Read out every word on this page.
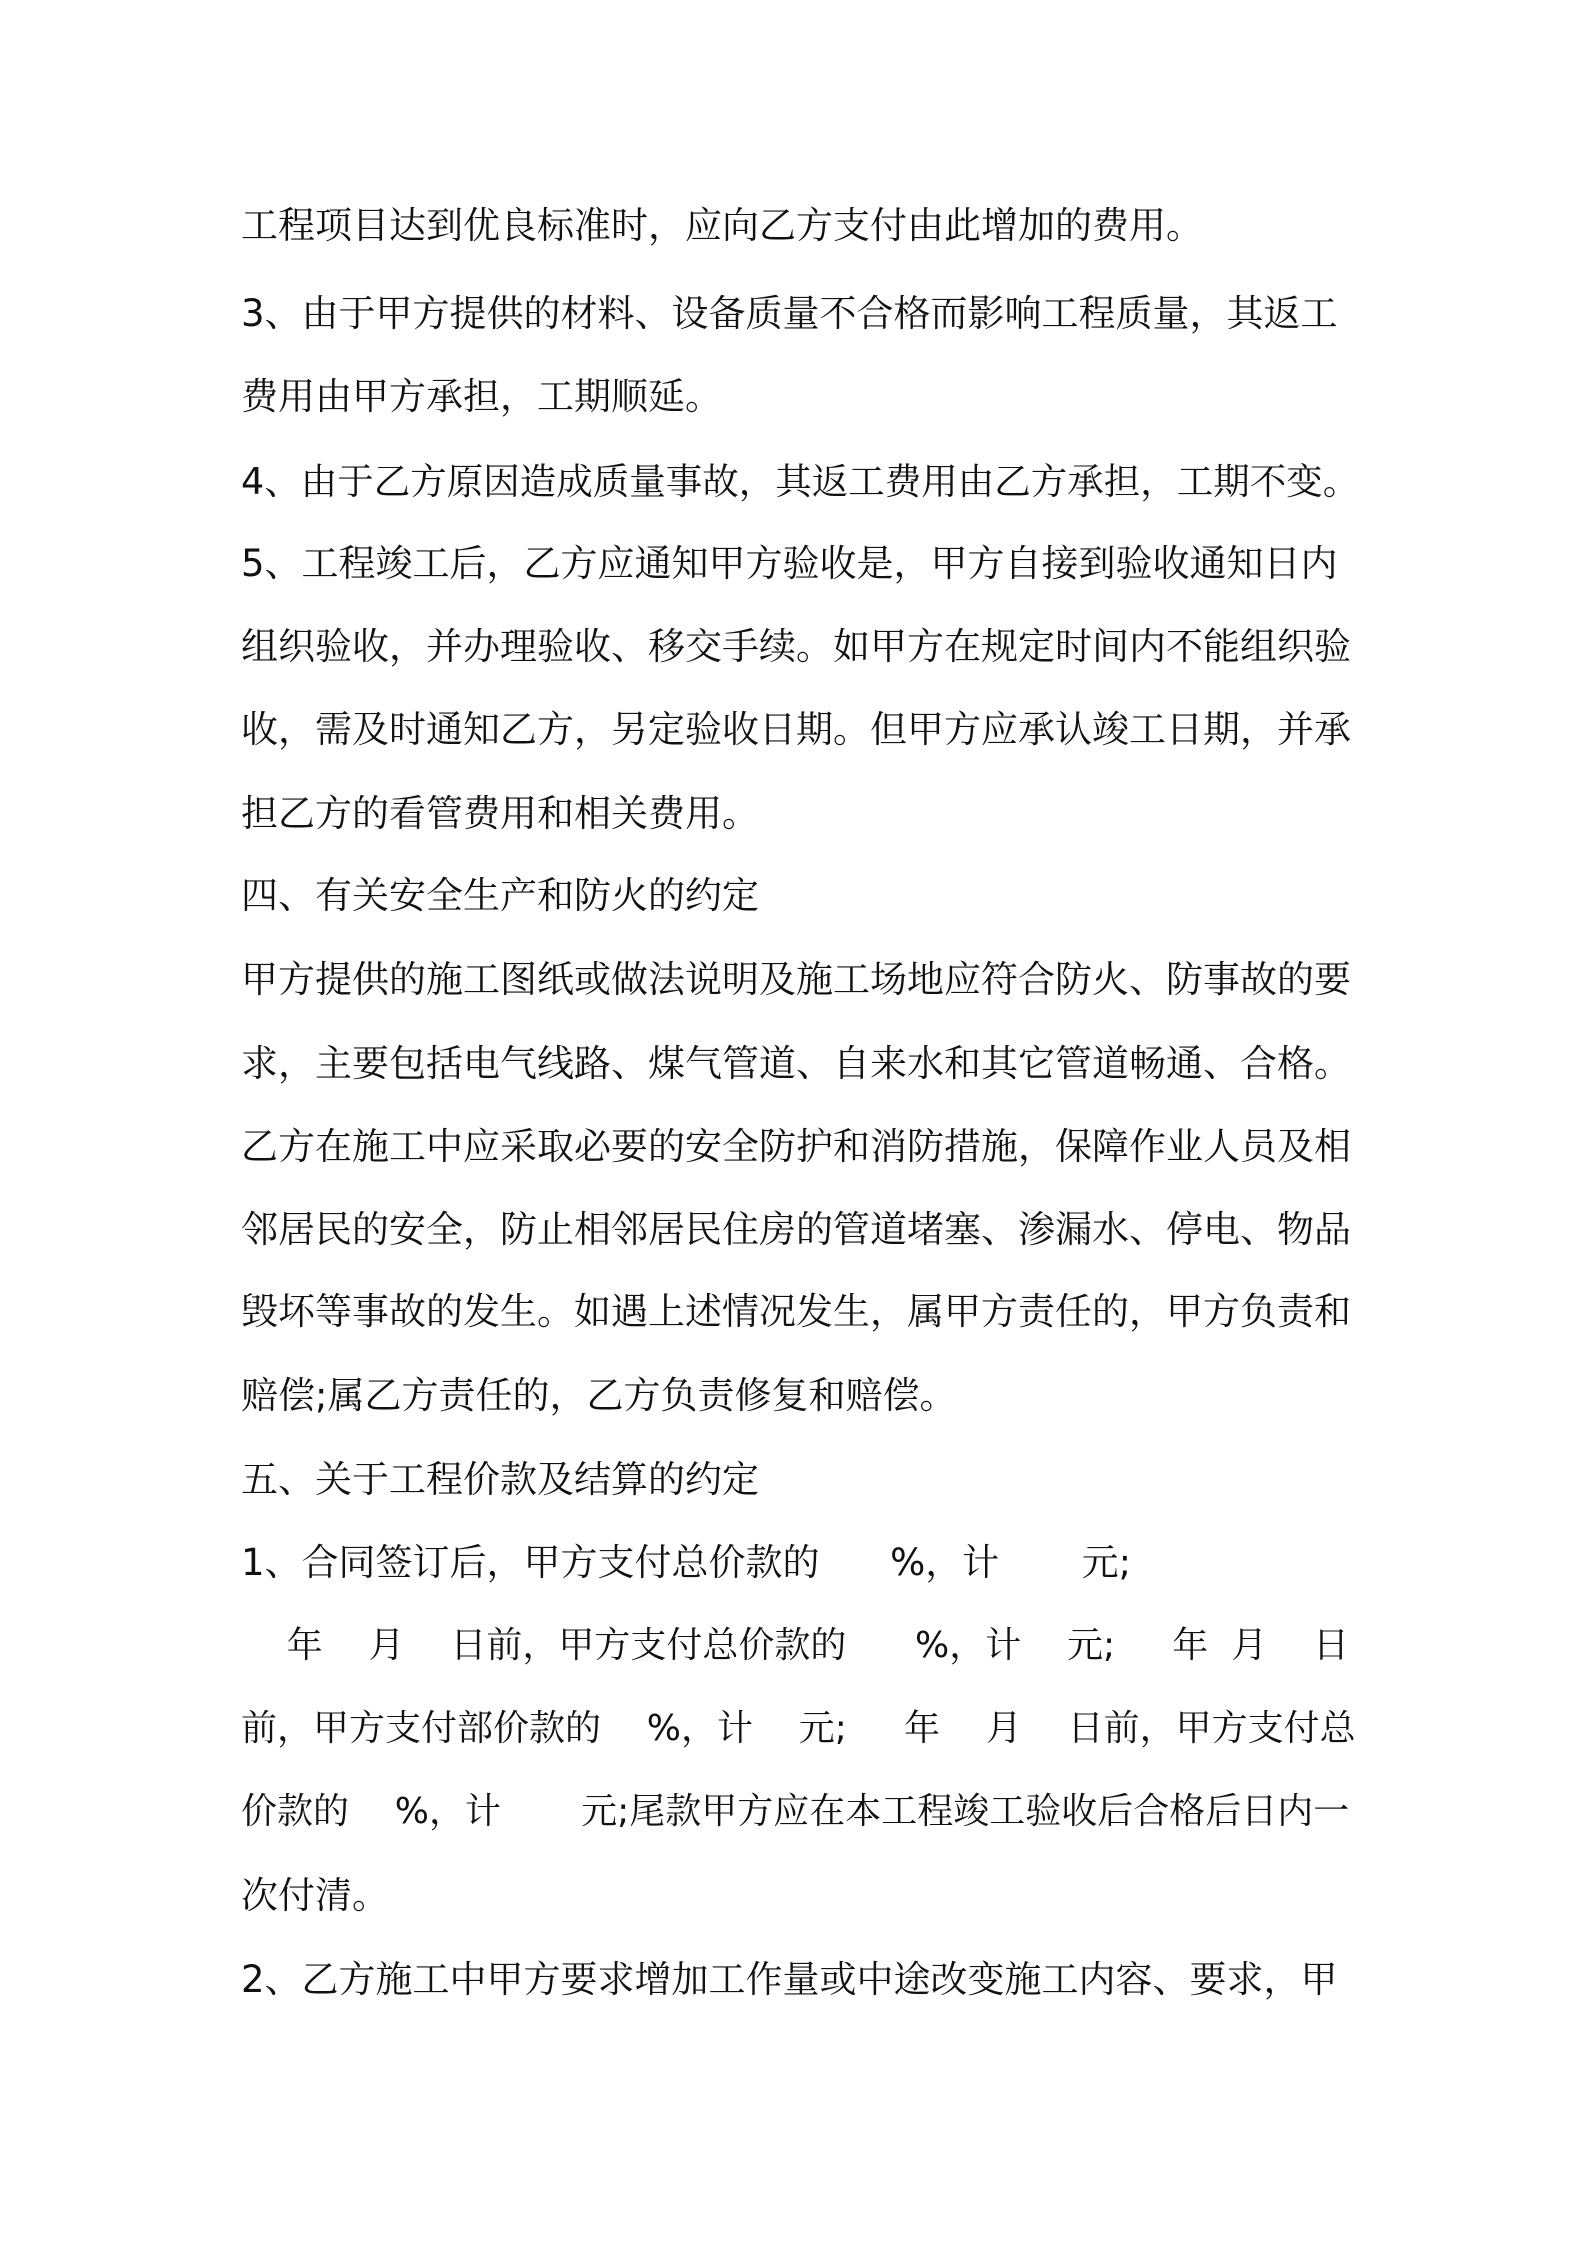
工程项目达到优良标准时，应向乙方支付由此增加的费用。
3、由于甲方提供的材料、设备质量不合格而影响工程质量，其返工
费用由甲方承担，工期顺延。
4、由于乙方原因造成质量事故，其返工费用由乙方承担，工期不变。
5、工程竣工后，乙方应通知甲方验收是，甲方自接到验收通知日内
组织验收，并办理验收、移交手续。如甲方在规定时间内不能组织验
收，需及时通知乙方，另定验收日期。但甲方应承认竣工日期，并承
担乙方的看管费用和相关费用。
四、有关安全生产和防火的约定
甲方提供的施工图纸或做法说明及施工场地应符合防火、防事故的要
求，主要包括电气线路、煤气管道、自来水和其它管道畅通、合格。
乙方在施工中应采取必要的安全防护和消防措施，保障作业人员及相
邻居民的安全，防止相邻居民住房的管道堵塞、渗漏水、停电、物品
毁坏等事故的发生。如遇上述情况发生，属甲方责任的，甲方负责和
赔偿;属乙方责任的，乙方负责修复和赔偿。
五、关于工程价款及结算的约定
1、合同签订后，甲方支付总价款的      %，计       元;
年    月    日前，甲方支付总价款的      %，计    元;     年  月    日
前，甲方支付部价款的    %，计    元;     年    月    日前，甲方支付总
价款的    %，计       元;尾款甲方应在本工程竣工验收后合格后日内一
次付清。
2、乙方施工中甲方要求增加工作量或中途改变施工内容、要求，甲
